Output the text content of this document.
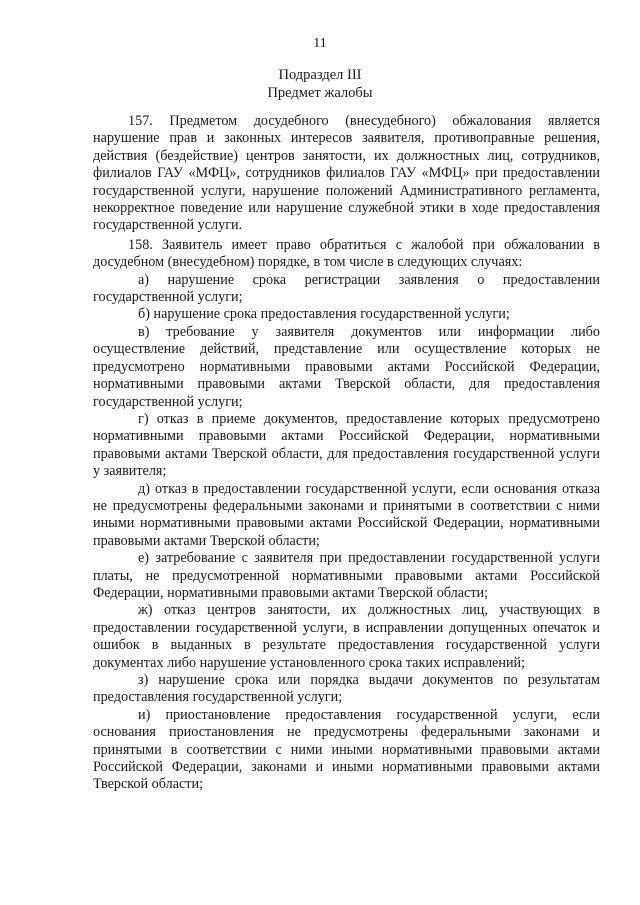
11
Подраздел III
Предмет жалобы

157. Предметом досудебного (внесудебного) обжалования является нарушение прав и законных интересов заявителя, противоправные решения, действия (бездействие) центров занятости, их должностных лиц, сотрудников, филиалов ГАУ «МФЦ», сотрудников филиалов ГАУ «МФЦ» при предоставлении государственной услуги, нарушение положений Административного регламента, некорректное поведение или нарушение служебной этики в ходе предоставления государственной услуги.

158. Заявитель имеет право обратиться с жалобой при обжаловании в досудебном (внесудебном) порядке, в том числе в следующих случаях:

а) нарушение срока регистрации заявления о предоставлении государственной услуги;

б) нарушение срока предоставления государственной услуги;

в) требование у заявителя документов или информации либо осуществление действий, представление или осуществление которых не предусмотрено нормативными правовыми актами Российской Федерации, нормативными правовыми актами Тверской области, для предоставления государственной услуги;

г) отказ в приеме документов, предоставление которых предусмотрено нормативными правовыми актами Российской Федерации, нормативными правовыми актами Тверской области, для предоставления государственной услуги у заявителя;

д) отказ в предоставлении государственной услуги, если основания отказа не предусмотрены федеральными законами и принятыми в соответствии с ними иными нормативными правовыми актами Российской Федерации, нормативными правовыми актами Тверской области;

е) затребование с заявителя при предоставлении государственной услуги платы, не предусмотренной нормативными правовыми актами Российской Федерации, нормативными правовыми актами Тверской области;

ж) отказ центров занятости, их должностных лиц, участвующих в предоставлении государственной услуги, в исправлении допущенных опечаток и ошибок в выданных в результате предоставления государственной услуги документах либо нарушение установленного срока таких исправлений;

з) нарушение срока или порядка выдачи документов по результатам предоставления государственной услуги;

и) приостановление предоставления государственной услуги, если основания приостановления не предусмотрены федеральными законами и принятыми в соответствии с ними иными нормативными правовыми актами Российской Федерации, законами и иными нормативными правовыми актами Тверской области;
